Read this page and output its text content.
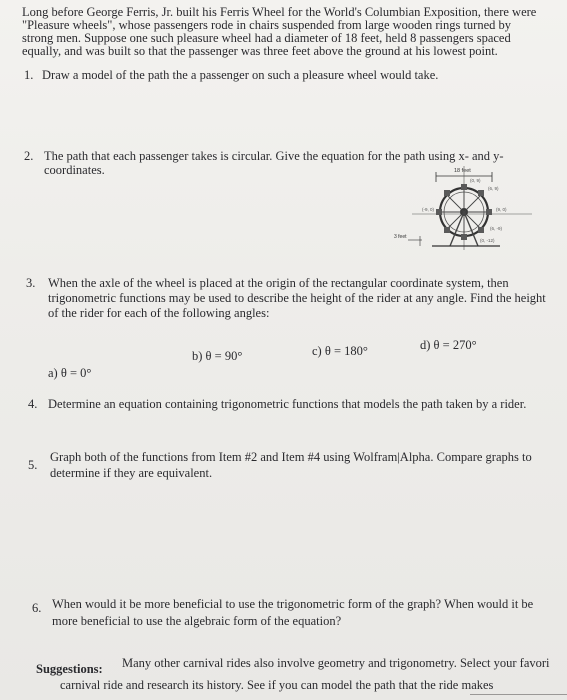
Long before George Ferris, Jr. built his Ferris Wheel for the World's Columbian Exposition, there were
"Pleasure wheels", whose passengers rode in chairs suspended from large wooden rings turned by
strong men. Suppose one such pleasure wheel had a diameter of 18 feet, held 8 passengers spaced
equally, and was built so that the passenger was three feet above the ground at his lowest point.
1. Draw a model of the path the a passenger on such a pleasure wheel would take.
2. The path that each passenger takes is circular. Give the equation for the path using x- and y-
coordinates.	18 feet
3 feet
(0, 9)
(6, 9)
(-9, 0)	(9, 0)
(6, -9)
(0, -12)
3. When the axle of the wheel is placed at the origin of the rectangular coordinate system, then
trigonometric functions may be used to describe the height of the rider at any angle. Find the height
of the rider for each of the following angles:
a) θ = 0°
b) θ = 90°	c) θ = 180°	d) θ = 270°
4. Determine an equation containing trigonometric functions that models the path taken by a rider.
5.
Graph both of the functions from Item #2 and Item #4 using Wolfram|Alpha. Compare graphs to
determine if they are equivalent.
6. When would it be more beneficial to use the trigonometric form of the graph? When would it be
more beneficial to use the algebraic form of the equation?
Suggestions: Many other carnival rides also involve geometry and trigonometry. Select your favori
carnival ride and research its history. See if you can model the path that the ride makes
